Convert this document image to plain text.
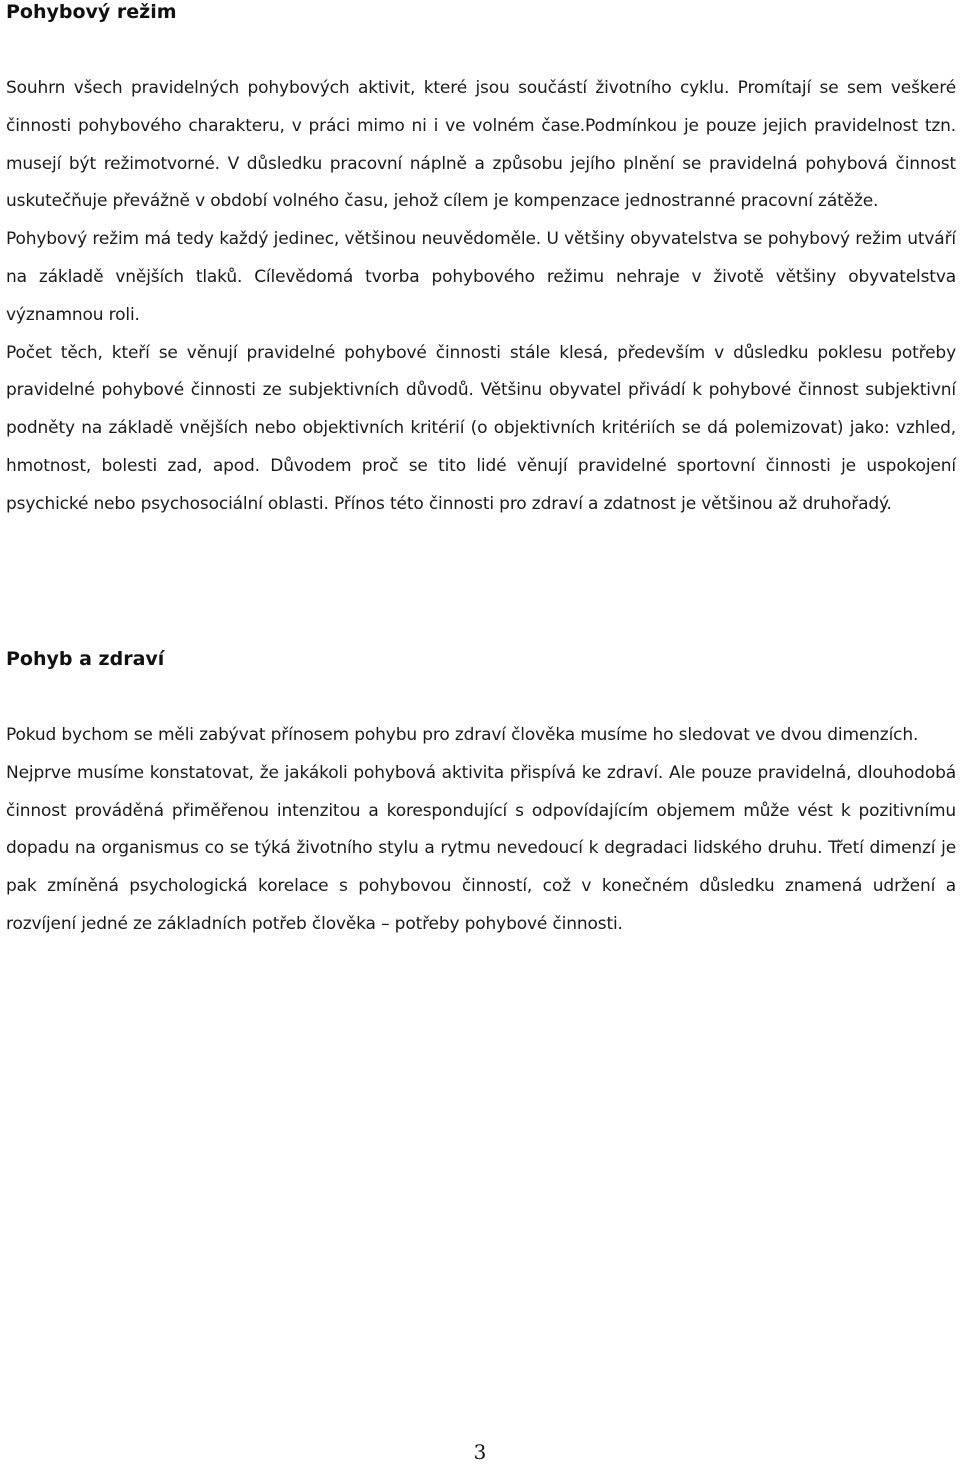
Pohybový režim

Souhrn všech pravidelných pohybových aktivit, které jsou součástí životního cyklu. Promítají se sem veškeré činnosti pohybového charakteru, v práci mimo ni i ve volném čase.Podmínkou je pouze jejich pravidelnost tzn. musejí být režimotvorné. V důsledku pracovní náplně a způsobu jejího plnění se pravidelná pohybová činnost uskutečňuje převážně v období volného času, jehož cílem je kompenzace jednostranné pracovní zátěže.

Pohybový režim má tedy každý jedinec, většinou neuvědoměle. U většiny obyvatelstva se pohybový režim utváří na základě vnějších tlaků. Cílevědomá tvorba pohybového režimu nehraje v životě většiny obyvatelstva významnou roli.

Počet těch, kteří se věnují pravidelné pohybové činnosti stále klesá, především v důsledku poklesu potřeby pravidelné pohybové činnosti ze subjektivních důvodů. Většinu obyvatel přivádí k pohybové činnost subjektivní podněty na základě vnějších nebo objektivních kritérií (o objektivních kritériích se dá polemizovat) jako: vzhled, hmotnost, bolesti zad, apod. Důvodem proč se tito lidé věnují pravidelné sportovní činnosti je uspokojení psychické nebo psychosociální oblasti. Přínos této činnosti pro zdraví a zdatnost je většinou až druhořadý.

Pohyb a zdraví

Pokud bychom se měli zabývat přínosem pohybu pro zdraví člověka musíme ho sledovat ve dvou dimenzích.

Nejprve musíme konstatovat, že jakákoli pohybová aktivita přispívá ke zdraví. Ale pouze pravidelná, dlouhodobá činnost prováděná přiměřenou intenzitou a korespondující s odpovídajícím objemem může vést k pozitivnímu dopadu na organismus co se týká životního stylu a rytmu nevedoucí k degradaci lidského druhu. Třetí dimenzí je pak zmíněná psychologická korelace s pohybovou činností, což v konečném důsledku znamená udržení a rozvíjení jedné ze základních potřeb člověka – potřeby pohybové činnosti.

3
